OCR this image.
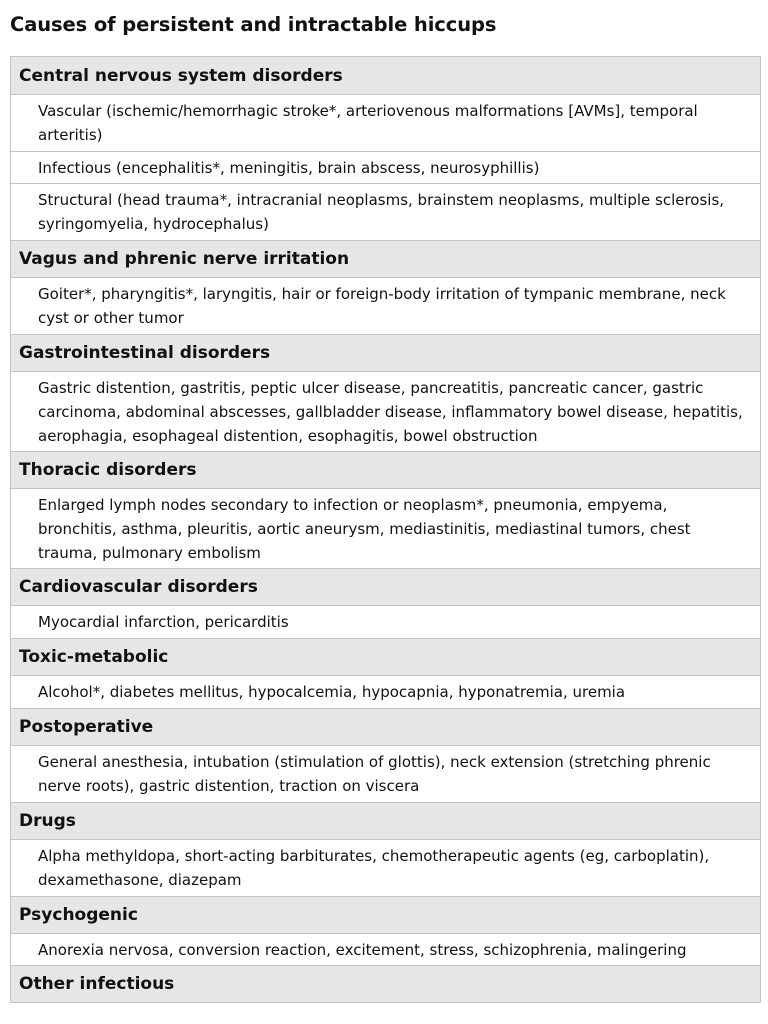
Causes of persistent and intractable hiccups
Central nervous system disorders
Vascular (ischemic/hemorrhagic stroke*, arteriovenous malformations [AVMs], temporal arteritis)
Infectious (encephalitis*, meningitis, brain abscess, neurosyphillis)
Structural (head trauma*, intracranial neoplasms, brainstem neoplasms, multiple sclerosis, syringomyelia, hydrocephalus)
Vagus and phrenic nerve irritation
Goiter*, pharyngitis*, laryngitis, hair or foreign-body irritation of tympanic membrane, neck cyst or other tumor
Gastrointestinal disorders
Gastric distention, gastritis, peptic ulcer disease, pancreatitis, pancreatic cancer, gastric carcinoma, abdominal abscesses, gallbladder disease, inflammatory bowel disease, hepatitis, aerophagia, esophageal distention, esophagitis, bowel obstruction
Thoracic disorders
Enlarged lymph nodes secondary to infection or neoplasm*, pneumonia, empyema, bronchitis, asthma, pleuritis, aortic aneurysm, mediastinitis, mediastinal tumors, chest trauma, pulmonary embolism
Cardiovascular disorders
Myocardial infarction, pericarditis
Toxic-metabolic
Alcohol*, diabetes mellitus, hypocalcemia, hypocapnia, hyponatremia, uremia
Postoperative
General anesthesia, intubation (stimulation of glottis), neck extension (stretching phrenic nerve roots), gastric distention, traction on viscera
Drugs
Alpha methyldopa, short-acting barbiturates, chemotherapeutic agents (eg, carboplatin), dexamethasone, diazepam
Psychogenic
Anorexia nervosa, conversion reaction, excitement, stress, schizophrenia, malingering
Other infectious
